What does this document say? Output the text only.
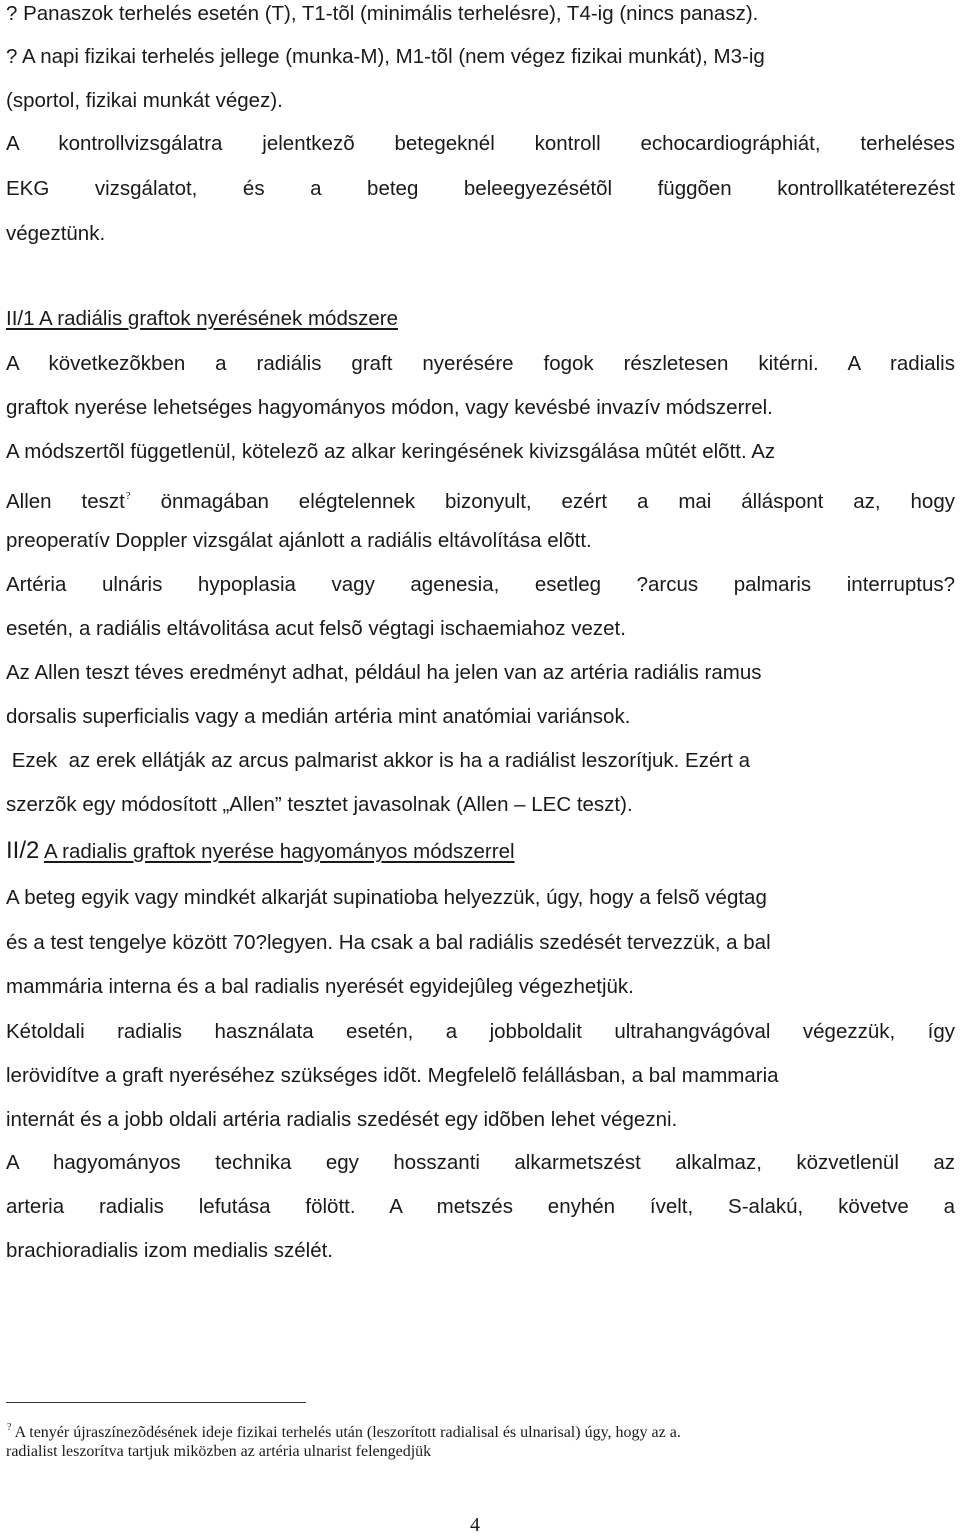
? Panaszok terhelés esetén (T), T1-tõl (minimális terhelésre), T4-ig (nincs panasz).
? A napi fizikai terhelés jellege (munka-M), M1-tõl (nem végez fizikai munkát), M3-ig
(sportol, fizikai munkát végez).
A kontrollvizsgálatra jelentkezõ betegeknél kontroll echocardiográphiát, terheléses
EKG vizsgálatot, és a beteg beleegyezésétõl függõen kontrollkatéterezést
végeztünk.
II/1 A radiális graftok nyerésének módszere
A következõkben a radiális graft nyerésére fogok részletesen kitérni. A radialis
graftok nyerése lehetséges hagyományos módon, vagy kevésbé invazív módszerrel.
A módszertõl függetlenül, kötelezõ az alkar keringésének kivizsgálása mûtét elõtt. Az
Allen teszt? önmagában elégtelennek bizonyult, ezért a mai álláspont az, hogy
preoperatív Doppler vizsgálat ajánlott a radiális eltávolítása elõtt.
Artéria ulnáris hypoplasia vagy agenesia, esetleg ?arcus palmaris interruptus?
esetén, a radiális eltávolitása acut felsõ végtagi ischaemiahoz vezet.
Az Allen teszt téves eredményt adhat, például ha jelen van az artéria radiális ramus
dorsalis superficialis vagy a medián artéria mint anatómiai variánsok.
Ezek  az erek ellátják az arcus palmarist akkor is ha a radiálist leszorítjuk. Ezért a
szerzõk egy módosított „Allen” tesztet javasolnak (Allen – LEC teszt).
II/2 A radialis graftok nyerése hagyományos módszerrel
A beteg egyik vagy mindkét alkarját supinatioba helyezzük, úgy, hogy a felsõ végtag
és a test tengelye között 70?legyen. Ha csak a bal radiális szedését tervezzük, a bal
mammária interna és a bal radialis nyerését egyidejûleg végezhetjük.
Kétoldali radialis használata esetén, a jobboldalit ultrahangvágóval végezzük, így
lerövidítve a graft nyeréséhez szükséges idõt. Megfelelõ felállásban, a bal mammaria
internát és a jobb oldali artéria radialis szedését egy idõben lehet végezni.
A hagyományos technika egy hosszanti alkarmetszést alkalmaz, közvetlenül az
arteria radialis lefutása fölött. A metszés enyhén ívelt, S-alakú, követve a
brachioradialis izom medialis szélét.
? A tenyér újraszínezõdésének ideje fizikai terhelés után (leszorított radialisal és ulnarisal) úgy, hogy az a.
radialist leszorítva tartjuk miközben az artéria ulnarist felengedjük
4
